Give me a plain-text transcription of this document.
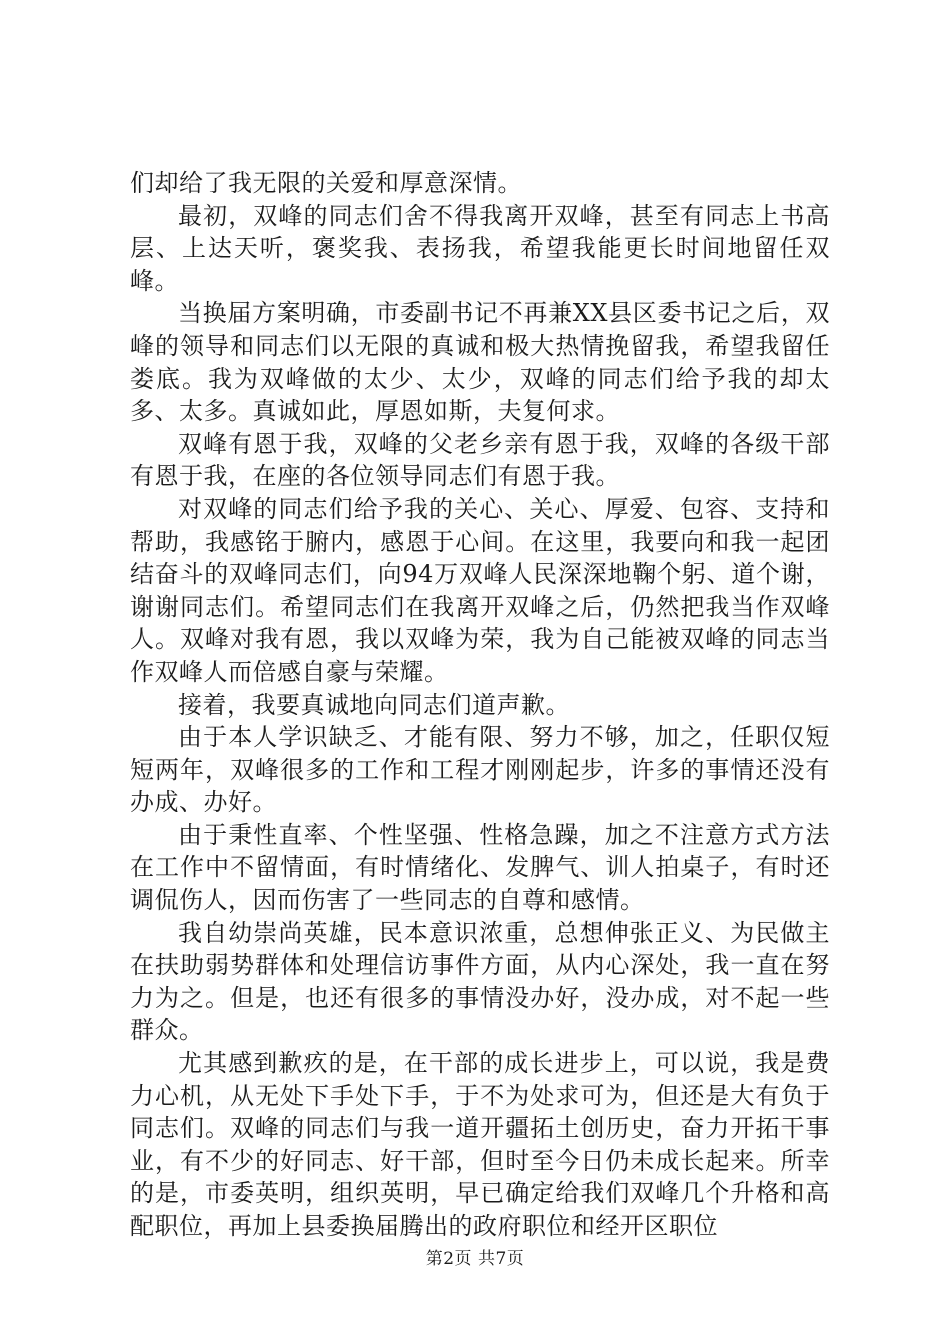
们却给了我无限的关爱和厚意深情。

最初，双峰的同志们舍不得我离开双峰，甚至有同志上书高层、上达天听，褒奖我、表扬我，希望我能更长时间地留任双峰。

当换届方案明确，市委副书记不再兼XX县区委书记之后，双峰的领导和同志们以无限的真诚和极大热情挽留我，希望我留任娄底。我为双峰做的太少、太少，双峰的同志们给予我的却太多、太多。真诚如此，厚恩如斯，夫复何求。

双峰有恩于我，双峰的父老乡亲有恩于我，双峰的各级干部有恩于我，在座的各位领导同志们有恩于我。

对双峰的同志们给予我的关心、关心、厚爱、包容、支持和帮助，我感铭于腑内，感恩于心间。在这里，我要向和我一起团结奋斗的双峰同志们，向94万双峰人民深深地鞠个躬、道个谢，谢谢同志们。希望同志们在我离开双峰之后，仍然把我当作双峰人。双峰对我有恩，我以双峰为荣，我为自己能被双峰的同志当作双峰人而倍感自豪与荣耀。

接着，我要真诚地向同志们道声歉。

由于本人学识缺乏、才能有限、努力不够，加之，任职仅短短两年，双峰很多的工作和工程才刚刚起步，许多的事情还没有办成、办好。

由于秉性直率、个性坚强、性格急躁，加之不注意方式方法在工作中不留情面，有时情绪化、发脾气、训人拍桌子，有时还调侃伤人，因而伤害了一些同志的自尊和感情。

我自幼崇尚英雄，民本意识浓重，总想伸张正义、为民做主在扶助弱势群体和处理信访事件方面，从内心深处，我一直在努力为之。但是，也还有很多的事情没办好，没办成，对不起一些群众。

尤其感到歉疚的是，在干部的成长进步上，可以说，我是费力心机，从无处下手处下手，于不为处求可为，但还是大有负于同志们。双峰的同志们与我一道开疆拓土创历史，奋力开拓干事业，有不少的好同志、好干部，但时至今日仍未成长起来。所幸的是，市委英明，组织英明，早已确定给我们双峰几个升格和高配职位，再加上县委换届腾出的政府职位和经开区职位

第2页 共7页
